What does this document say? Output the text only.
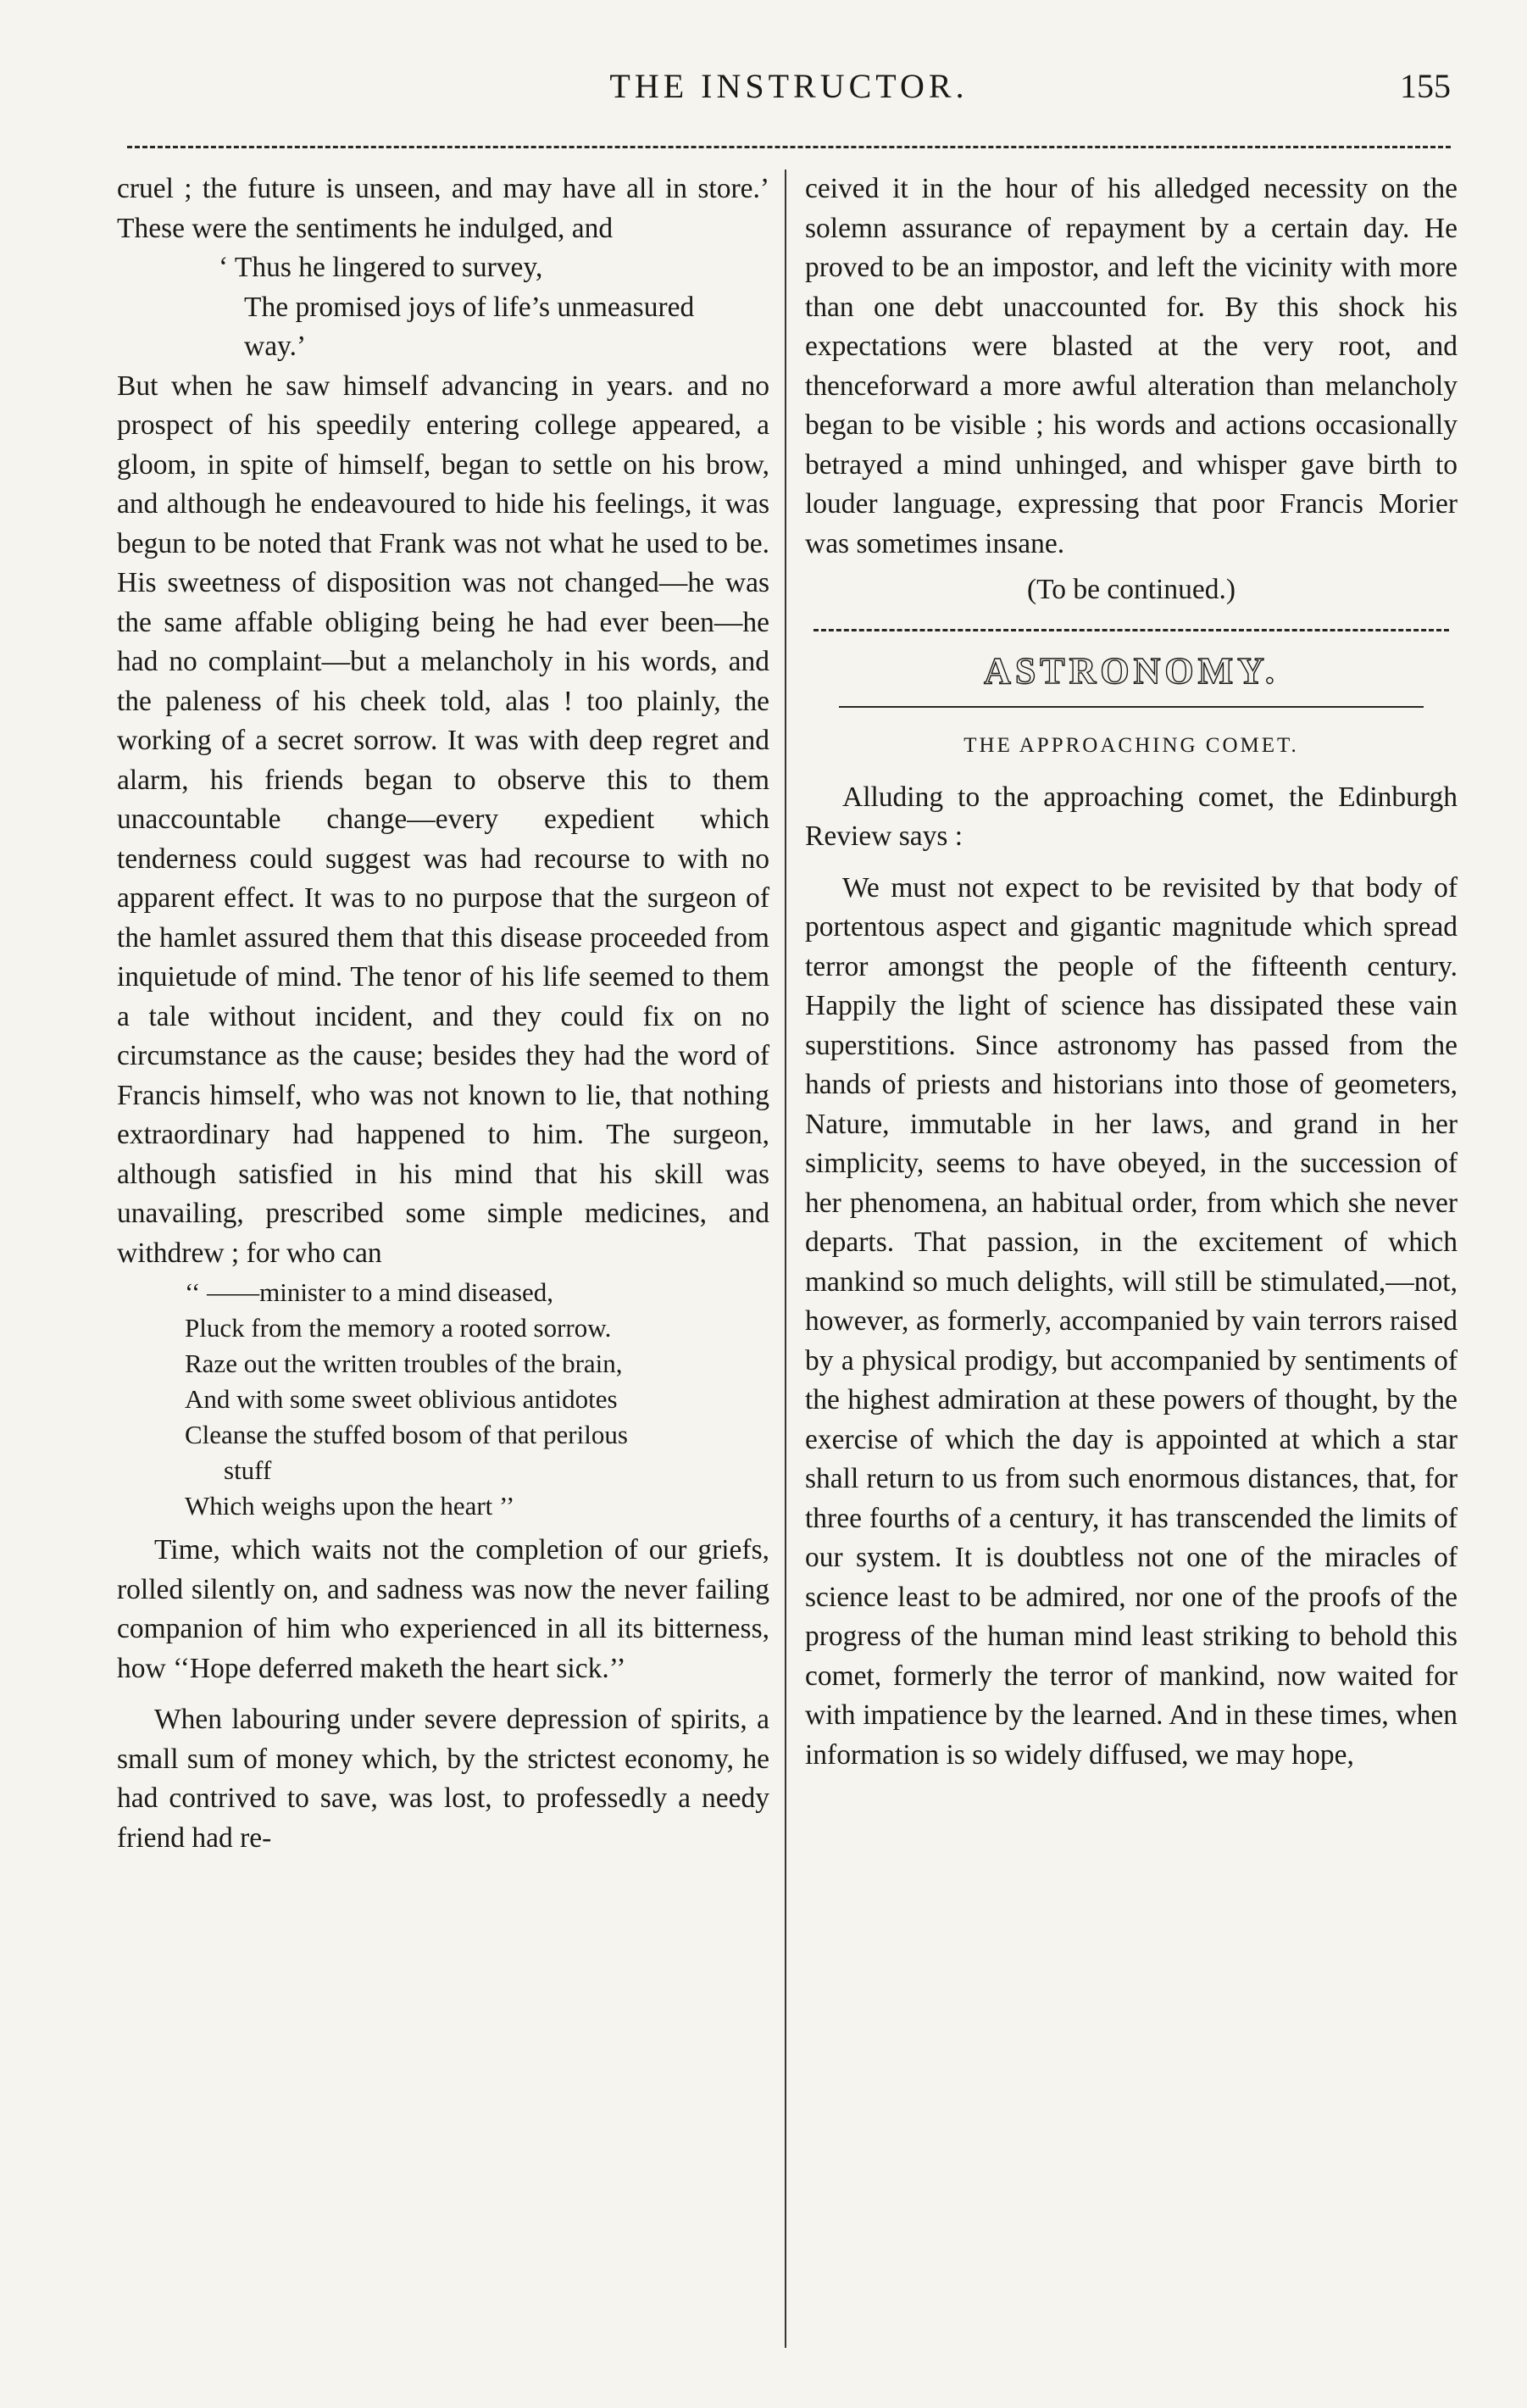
THE INSTRUCTOR.	155

cruel ; the future is unseen, and may have all in store.’ These were the sentiments he indulged, and

‘ Thus he lingered to survey,
The promised joys of life’s unmeasured
way.’

But when he saw himself advancing in years. and no prospect of his speedily entering college appeared, a gloom, in spite of himself, began to settle on his brow, and although he endeavoured to hide his feelings, it was begun to be noted that Frank was not what he used to be. His sweetness of disposition was not changed—he was the same affable obliging being he had ever been—he had no complaint—but a melancholy in his words, and the paleness of his cheek told, alas ! too plainly, the working of a secret sorrow. It was with deep regret and alarm, his friends began to observe this to them unaccountable change—every expedient which tenderness could suggest was had recourse to with no apparent effect. It was to no purpose that the surgeon of the hamlet assured them that this disease proceeded from inquietude of mind. The tenor of his life seemed to them a tale without incident, and they could fix on no circumstance as the cause; besides they had the word of Francis himself, who was not known to lie, that nothing extraordinary had happened to him. The surgeon, although satisfied in his mind that his skill was unavailing, prescribed some simple medicines, and withdrew ; for who can

‘‘ ——minister to a mind diseased,
Pluck from the memory a rooted sorrow.
Raze out the written troubles of the brain,
And with some sweet oblivious antidotes
Cleanse the stuffed bosom of that perilous
stuff
Which weighs upon the heart ’’

Time, which waits not the completion of our griefs, rolled silently on, and sadness was now the never failing companion of him who experienced in all its bitterness, how ‘‘Hope deferred maketh the heart sick.’’

When labouring under severe depression of spirits, a small sum of money which, by the strictest economy, he had contrived to save, was lost, to professedly a needy friend had re-

ceived it in the hour of his alledged necessity on the solemn assurance of repayment by a certain day. He proved to be an impostor, and left the vicinity with more than one debt unaccounted for. By this shock his expectations were blasted at the very root, and thenceforward a more awful alteration than melancholy began to be visible ; his words and actions occasionally betrayed a mind unhinged, and whisper gave birth to louder language, expressing that poor Francis Morier was sometimes insane.

(To be continued.)

ASTRONOMY.
THE APPROACHING COMET.

Alluding to the approaching comet, the Edinburgh Review says :

We must not expect to be revisited by that body of portentous aspect and gigantic magnitude which spread terror amongst the people of the fifteenth century. Happily the light of science has dissipated these vain superstitions. Since astronomy has passed from the hands of priests and historians into those of geometers, Nature, immutable in her laws, and grand in her simplicity, seems to have obeyed, in the succession of her phenomena, an habitual order, from which she never departs. That passion, in the excitement of which mankind so much delights, will still be stimulated,—not, however, as formerly, accompanied by vain terrors raised by a physical prodigy, but accompanied by sentiments of the highest admiration at these powers of thought, by the exercise of which the day is appointed at which a star shall return to us from such enormous distances, that, for three fourths of a century, it has transcended the limits of our system. It is doubtless not one of the miracles of science least to be admired, nor one of the proofs of the progress of the human mind least striking to behold this comet, formerly the terror of mankind, now waited for with impatience by the learned. And in these times, when information is so widely diffused, we may hope,
